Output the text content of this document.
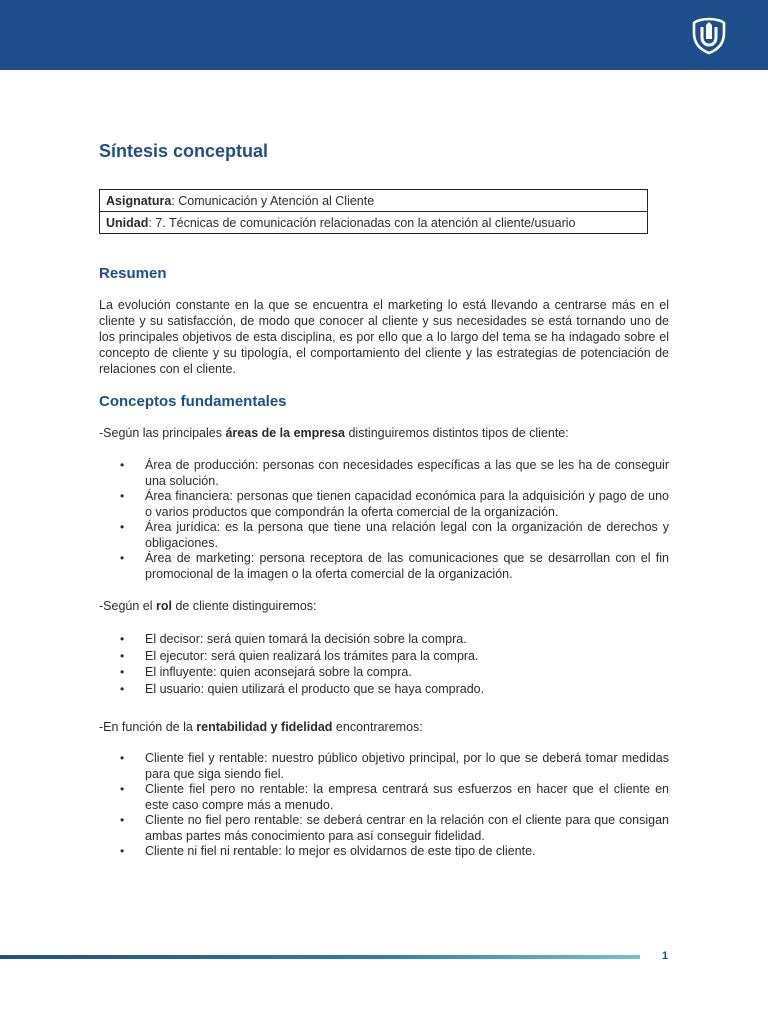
Síntesis conceptual
Asignatura: Comunicación y Atención al Cliente
Unidad: 7. Técnicas de comunicación relacionadas con la atención al cliente/usuario
Resumen

La evolución constante en la que se encuentra el marketing lo está llevando a centrarse más en el cliente y su satisfacción, de modo que conocer al cliente y sus necesidades se está tornando uno de los principales objetivos de esta disciplina, es por ello que a lo largo del tema se ha indagado sobre el concepto de cliente y su tipología, el comportamiento del cliente y las estrategias de potenciación de relaciones con el cliente.

Conceptos fundamentales

-Según las principales áreas de la empresa distinguiremos distintos tipos de cliente:

• Área de producción: personas con necesidades específicas a las que se les ha de conseguir una solución.
• Área financiera: personas que tienen capacidad económica para la adquisición y pago de uno o varios productos que compondrán la oferta comercial de la organización.
• Área jurídica: es la persona que tiene una relación legal con la organización de derechos y obligaciones.
• Área de marketing: persona receptora de las comunicaciones que se desarrollan con el fin promocional de la imagen o la oferta comercial de la organización.

-Según el rol de cliente distinguiremos:

• El decisor: será quien tomará la decisión sobre la compra.
• El ejecutor: será quien realizará los trámites para la compra.
• El influyente: quien aconsejará sobre la compra.
• El usuario: quien utilizará el producto que se haya comprado.

-En función de la rentabilidad y fidelidad encontraremos:

• Cliente fiel y rentable: nuestro público objetivo principal, por lo que se deberá tomar medidas para que siga siendo fiel.
• Cliente fiel pero no rentable: la empresa centrará sus esfuerzos en hacer que el cliente en este caso compre más a menudo.
• Cliente no fiel pero rentable: se deberá centrar en la relación con el cliente para que consigan ambas partes más conocimiento para así conseguir fidelidad.
• Cliente ni fiel ni rentable: lo mejor es olvidarnos de este tipo de cliente.
1
